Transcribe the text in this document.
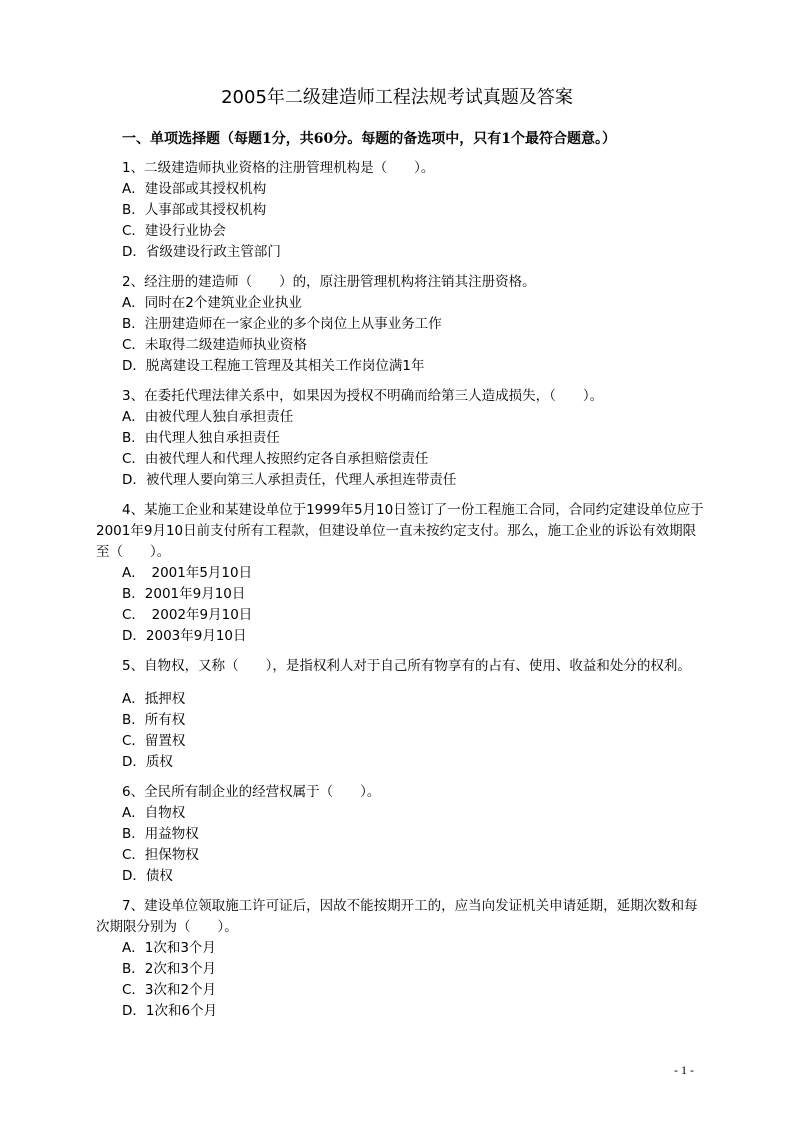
2005年二级建造师工程法规考试真题及答案
一、单项选择题（每题1分，共60分。每题的备选项中，只有1个最符合题意。）

1、二级建造师执业资格的注册管理机构是（　　）。

A．建设部或其授权机构
B．人事部或其授权机构
C．建设行业协会
D．省级建设行政主管部门

2、经注册的建造师（　　）的，原注册管理机构将注销其注册资格。

A．同时在2个建筑业企业执业
B．注册建造师在一家企业的多个岗位上从事业务工作
C．未取得二级建造师执业资格
D．脱离建设工程施工管理及其相关工作岗位满1年

3、在委托代理法律关系中，如果因为授权不明确而给第三人造成损失，（　　）。

A．由被代理人独自承担责任
B．由代理人独自承担责任
C．由被代理人和代理人按照约定各自承担赔偿责任
D．被代理人要向第三人承担责任，代理人承担连带责任

4、某施工企业和某建设单位于1999年5月10日签订了一份工程施工合同，合同约定建设单位应于2001年9月10日前支付所有工程款，但建设单位一直未按约定支付。那么，施工企业的诉讼有效期限至（　　）。

A．　2001年5月10日
B．2001年9月10日
C．　2002年9月10日
D．2003年9月10日

5、自物权，又称（　　），是指权利人对于自己所有物享有的占有、使用、收益和处分的权利。

A．抵押权
B．所有权
C．留置权
D．质权

6、全民所有制企业的经营权属于（　　）。

A．自物权
B．用益物权
C．担保物权
D．债权

7、建设单位领取施工许可证后，因故不能按期开工的，应当向发证机关申请延期，延期次数和每次期限分别为（　　）。

A．1次和3个月
B．2次和3个月
C．3次和2个月
D．1次和6个月
- 1 -
